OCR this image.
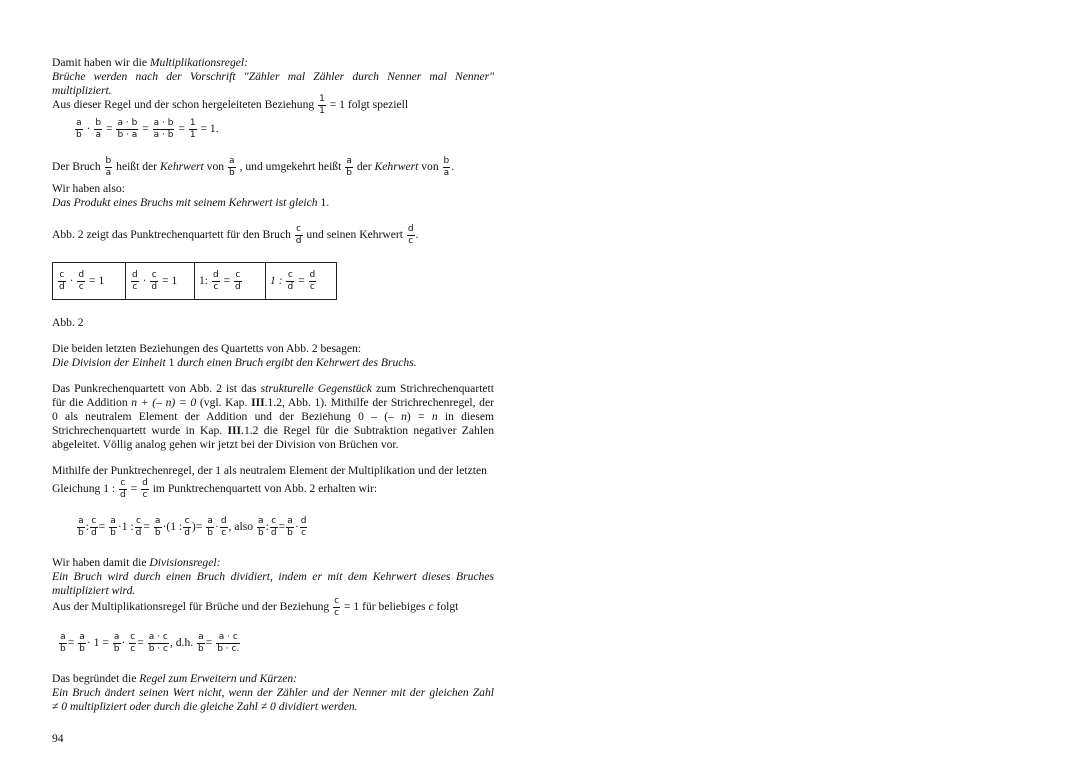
Damit haben wir die Multiplikationsregel:
Brüche werden nach der Vorschrift "Zähler mal Zähler durch Nenner mal Nenner"
multipliziert.
Aus dieser Regel und der schon hergeleiteten Beziehung $\frac{1}{1} = 1$ folgt speziell
$\frac{a}{b} \cdot \frac{b}{a} = \frac{a \cdot b}{b \cdot a} = \frac{a \cdot b}{a \cdot b} = \frac{1}{1} = 1$.
Der Bruch $\frac{b}{a}$ heißt der Kehrwert von $\frac{a}{b}$ , und umgekehrt heißt $\frac{a}{b}$ der Kehrwert von $\frac{b}{a}$ .
Wir haben also:
Das Produkt eines Bruchs mit seinem Kehrwert ist gleich 1.
Abb. 2 zeigt das Punktrechenquartett für den Bruch $\frac{c}{d}$ und seinen Kehrwert $\frac{d}{c}$ .
$\frac{c}{d} \cdot \frac{d}{c} = 1$	$\frac{d}{c} \cdot \frac{c}{d} = 1$	1: $\frac{d}{c} = \frac{c}{d}$	1 : $\frac{c}{d} = \frac{d}{c}$
Abb. 2
Die beiden letzten Beziehungen des Quartetts von Abb. 2 besagen:
Die Division der Einheit 1 durch einen Bruch ergibt den Kehrwert des Bruchs.
Das Punkrechenquartett von Abb. 2 ist das strukturelle Gegenstück zum Strichrechenquartett
für die Addition n + (– n) = 0 (vgl. Kap. III.1.2, Abb. 1). Mithilfe der Strichrechenregel, der
0 als neutralem Element der Addition und der Beziehung 0 – (– n) = n in diesem
Strichrechenquartett wurde in Kap. III.1.2 die Regel für die Subtraktion negativer Zahlen
abgeleitet. Völlig analog gehen wir jetzt bei der Division von Brüchen vor.
Mithilfe der Punktrechenregel, der 1 als neutralem Element der Multiplikation und der letzten
Gleichung 1 : $\frac{c}{d} = \frac{d}{c}$ im Punktrechenquartett von Abb. 2 erhalten wir:
$\frac{a}{b}$ : $\frac{c}{d} = \frac{a}{b} \cdot 1$ : $\frac{c}{d} = \frac{a}{b} \cdot(1$ : $\frac{c}{d}$ )= $\frac{a}{b} \cdot \frac{d}{c}$ , also $\frac{a}{b}$ : $\frac{c}{d} = \frac{a}{b} \cdot \frac{d}{c}$
Wir haben damit die Divisionsregel:
Ein Bruch wird durch einen Bruch dividiert, indem er mit dem Kehrwert dieses Bruches
multipliziert wird.
Aus der Multiplikationsregel für Brüche und der Beziehung $\frac{c}{c} = 1$ für beliebiges c folgt
$\frac{a}{b} = \frac{a}{b} \cdot 1 = \frac{a}{b} \cdot \frac{c}{c} = \frac{a \cdot c}{b \cdot c}$ , d.h. $\frac{a}{b} = \frac{a \cdot c}{b \cdot c.}$
Das begründet die Regel zum Erweitern und Kürzen:
Ein Bruch ändert seinen Wert nicht, wenn der Zähler und der Nenner mit der gleichen Zahl
≠ 0 multipliziert oder durch die gleiche Zahl ≠ 0 dividiert werden.
94
